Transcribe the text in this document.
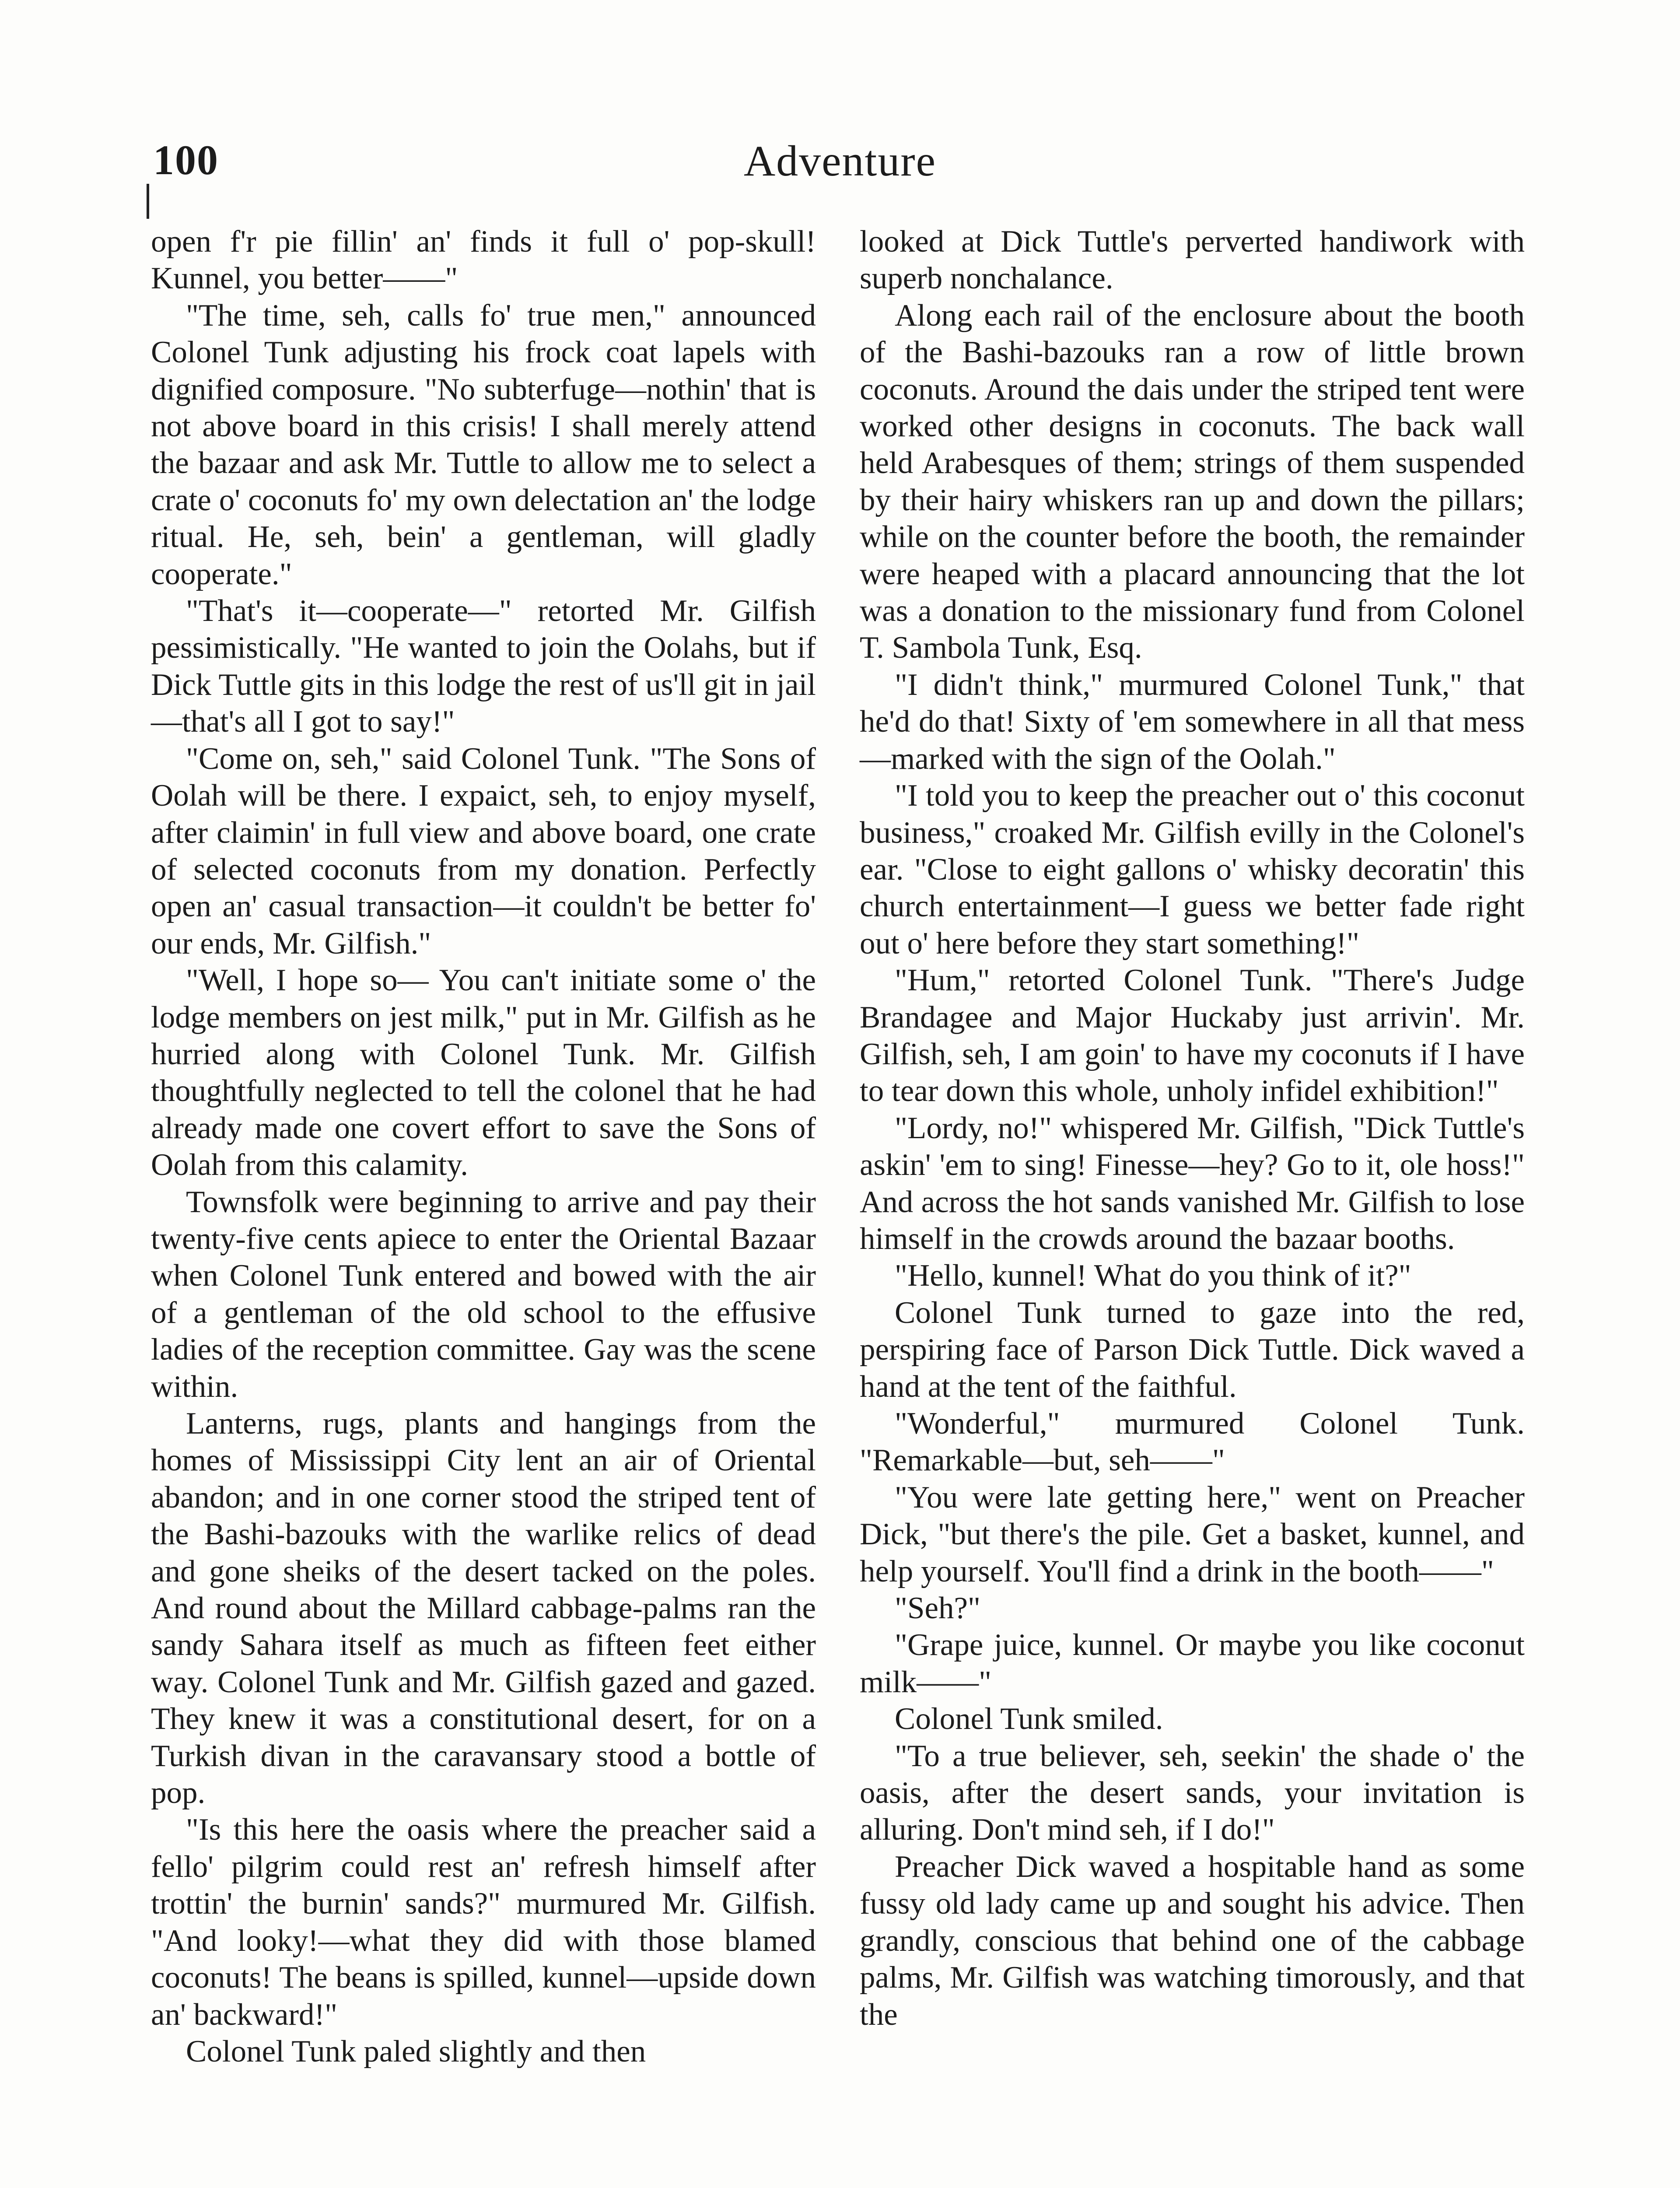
100	Adventure

open f'r pie fillin' an' finds it full o' pop-skull! Kunnel, you better——"

"The time, seh, calls fo' true men," announced Colonel Tunk adjusting his frock coat lapels with dignified composure. "No subterfuge—nothin' that is not above board in this crisis! I shall merely attend the bazaar and ask Mr. Tuttle to allow me to select a crate o' coconuts fo' my own delectation an' the lodge ritual. He, seh, bein' a gentleman, will gladly cooperate."

"That's it—cooperate—" retorted Mr. Gilfish pessimistically. "He wanted to join the Oolahs, but if Dick Tuttle gits in this lodge the rest of us'll git in jail—that's all I got to say!"

"Come on, seh," said Colonel Tunk. "The Sons of Oolah will be there. I expaict, seh, to enjoy myself, after claimin' in full view and above board, one crate of selected coconuts from my donation. Perfectly open an' casual transaction—it couldn't be better fo' our ends, Mr. Gilfish."

"Well, I hope so— You can't initiate some o' the lodge members on jest milk," put in Mr. Gilfish as he hurried along with Colonel Tunk. Mr. Gilfish thoughtfully neglected to tell the colonel that he had already made one covert effort to save the Sons of Oolah from this calamity.

Townsfolk were beginning to arrive and pay their twenty-five cents apiece to enter the Oriental Bazaar when Colonel Tunk entered and bowed with the air of a gentleman of the old school to the effusive ladies of the reception committee. Gay was the scene within.

Lanterns, rugs, plants and hangings from the homes of Mississippi City lent an air of Oriental abandon; and in one corner stood the striped tent of the Bashi-bazouks with the warlike relics of dead and gone sheiks of the desert tacked on the poles. And round about the Millard cabbage-palms ran the sandy Sahara itself as much as fifteen feet either way. Colonel Tunk and Mr. Gilfish gazed and gazed. They knew it was a constitutional desert, for on a Turkish divan in the caravansary stood a bottle of pop.

"Is this here the oasis where the preacher said a fello' pilgrim could rest an' refresh himself after trottin' the burnin' sands?" murmured Mr. Gilfish. "And looky!—what they did with those blamed coconuts! The beans is spilled, kunnel—upside down an' backward!"

Colonel Tunk paled slightly and then

looked at Dick Tuttle's perverted handiwork with superb nonchalance.

Along each rail of the enclosure about the booth of the Bashi-bazouks ran a row of little brown coconuts. Around the dais under the striped tent were worked other designs in coconuts. The back wall held Arabesques of them; strings of them suspended by their hairy whiskers ran up and down the pillars; while on the counter before the booth, the remainder were heaped with a placard announcing that the lot was a donation to the missionary fund from Colonel T. Sambola Tunk, Esq.

"I didn't think," murmured Colonel Tunk," that he'd do that! Sixty of 'em somewhere in all that mess—marked with the sign of the Oolah."

"I told you to keep the preacher out o' this coconut business," croaked Mr. Gilfish evilly in the Colonel's ear. "Close to eight gallons o' whisky decoratin' this church entertainment—I guess we better fade right out o' here before they start something!"

"Hum," retorted Colonel Tunk. "There's Judge Brandagee and Major Huckaby just arrivin'. Mr. Gilfish, seh, I am goin' to have my coconuts if I have to tear down this whole, unholy infidel exhibition!"

"Lordy, no!" whispered Mr. Gilfish, "Dick Tuttle's askin' 'em to sing! Finesse—hey? Go to it, ole hoss!" And across the hot sands vanished Mr. Gilfish to lose himself in the crowds around the bazaar booths.

"Hello, kunnel! What do you think of it?"

Colonel Tunk turned to gaze into the red, perspiring face of Parson Dick Tuttle. Dick waved a hand at the tent of the faithful.

"Wonderful," murmured Colonel Tunk. "Remarkable—but, seh——"

"You were late getting here," went on Preacher Dick, "but there's the pile. Get a basket, kunnel, and help yourself. You'll find a drink in the booth——"

"Seh?"

"Grape juice, kunnel. Or maybe you like coconut milk——"

Colonel Tunk smiled.

"To a true believer, seh, seekin' the shade o' the oasis, after the desert sands, your invitation is alluring. Don't mind seh, if I do!"

Preacher Dick waved a hospitable hand as some fussy old lady came up and sought his advice. Then grandly, conscious that behind one of the cabbage palms, Mr. Gilfish was watching timorously, and that the
